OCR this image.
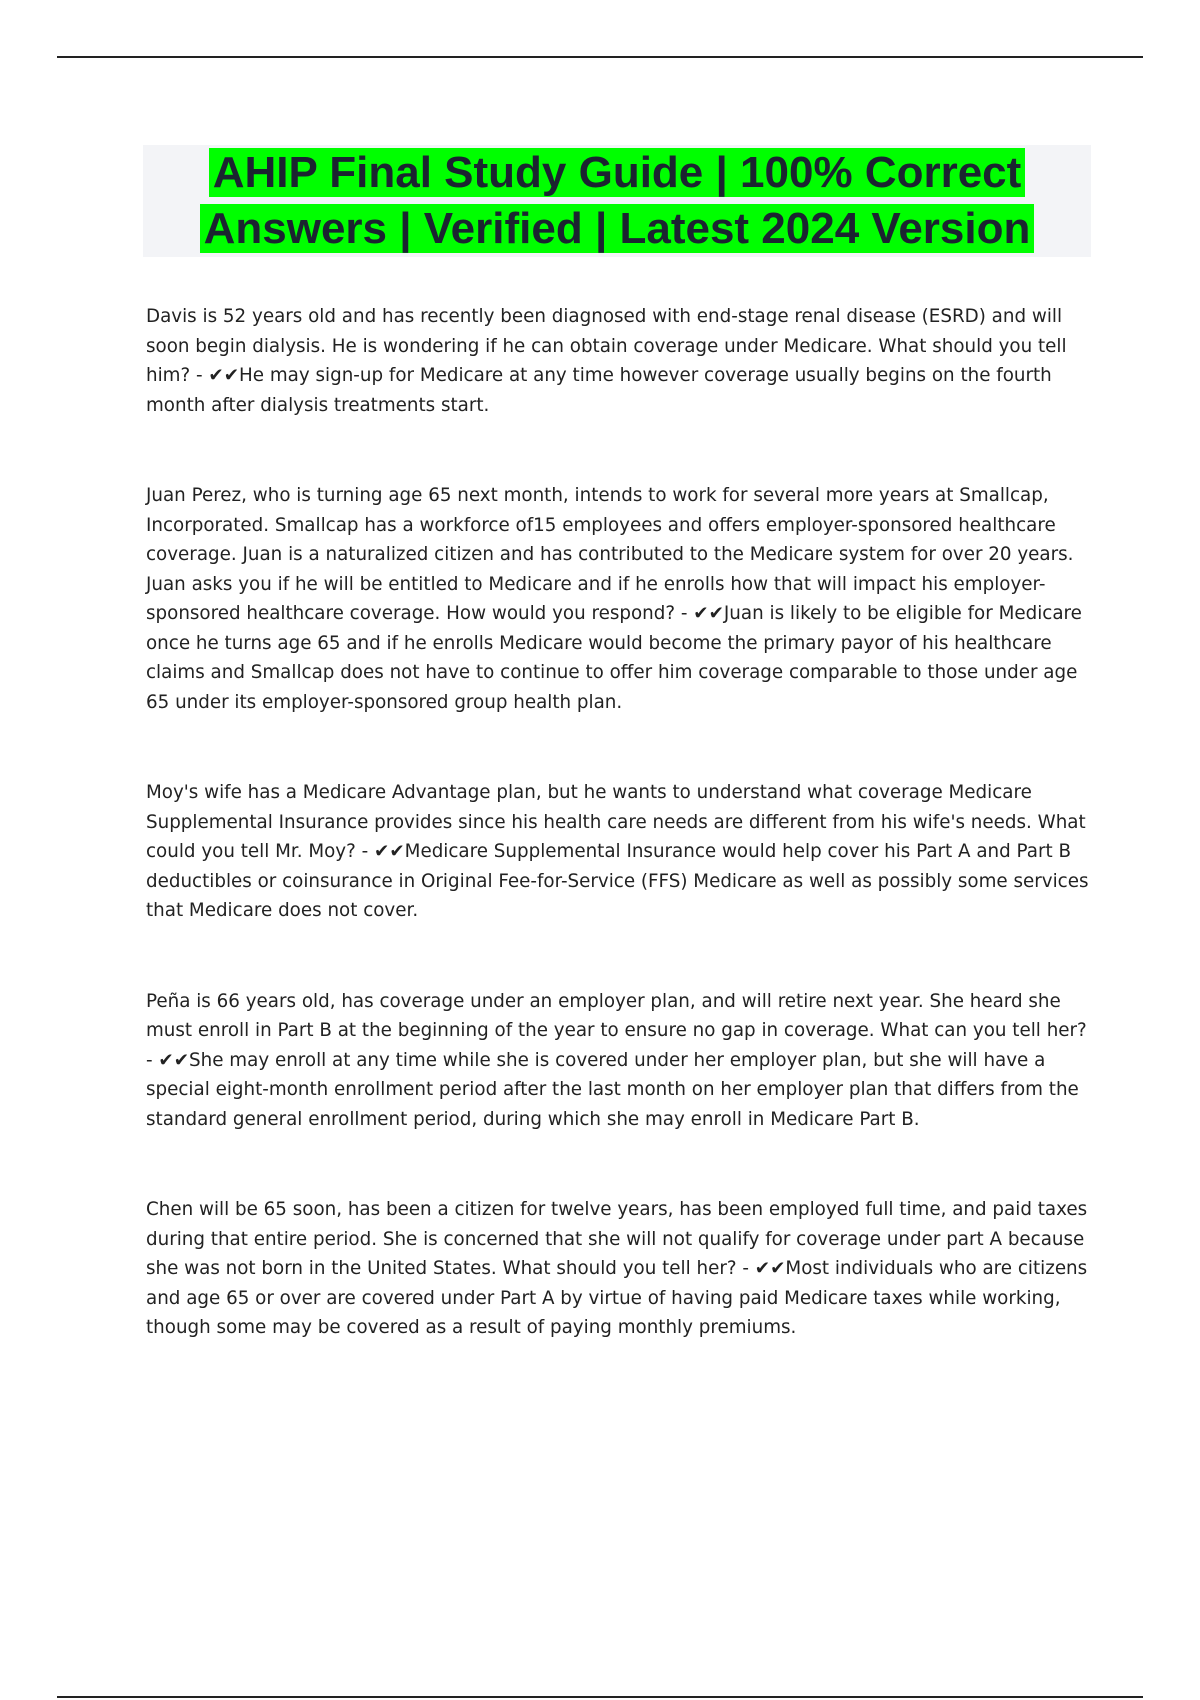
AHIP Final Study Guide | 100% Correct Answers | Verified | Latest 2024 Version

Davis is 52 years old and has recently been diagnosed with end-stage renal disease (ESRD) and will soon begin dialysis. He is wondering if he can obtain coverage under Medicare. What should you tell him? - ✔✔He may sign-up for Medicare at any time however coverage usually begins on the fourth month after dialysis treatments start.

Juan Perez, who is turning age 65 next month, intends to work for several more years at Smallcap, Incorporated. Smallcap has a workforce of15 employees and offers employer-sponsored healthcare coverage. Juan is a naturalized citizen and has contributed to the Medicare system for over 20 years. Juan asks you if he will be entitled to Medicare and if he enrolls how that will impact his employer-sponsored healthcare coverage. How would you respond? - ✔✔Juan is likely to be eligible for Medicare once he turns age 65 and if he enrolls Medicare would become the primary payor of his healthcare claims and Smallcap does not have to continue to offer him coverage comparable to those under age 65 under its employer-sponsored group health plan.

Moy's wife has a Medicare Advantage plan, but he wants to understand what coverage Medicare Supplemental Insurance provides since his health care needs are different from his wife's needs. What could you tell Mr. Moy? - ✔✔Medicare Supplemental Insurance would help cover his Part A and Part B deductibles or coinsurance in Original Fee-for-Service (FFS) Medicare as well as possibly some services that Medicare does not cover.

Peña is 66 years old, has coverage under an employer plan, and will retire next year. She heard she must enroll in Part B at the beginning of the year to ensure no gap in coverage. What can you tell her? - ✔✔She may enroll at any time while she is covered under her employer plan, but she will have a special eight-month enrollment period after the last month on her employer plan that differs from the standard general enrollment period, during which she may enroll in Medicare Part B.

Chen will be 65 soon, has been a citizen for twelve years, has been employed full time, and paid taxes during that entire period. She is concerned that she will not qualify for coverage under part A because she was not born in the United States. What should you tell her? - ✔✔Most individuals who are citizens and age 65 or over are covered under Part A by virtue of having paid Medicare taxes while working, though some may be covered as a result of paying monthly premiums.
